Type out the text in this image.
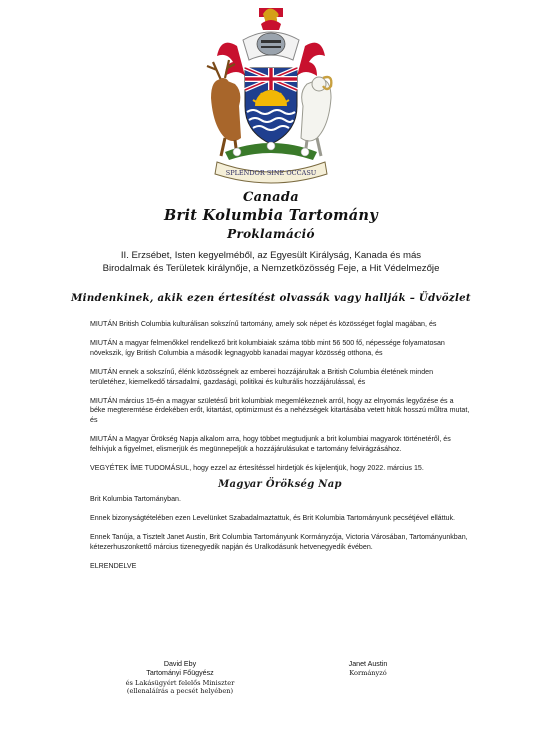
SPLENDOR SINE OCCASU
Canada
Brit Kolumbia Tartomány
Proklamáció
II. Erzsébet, Isten kegyelméből, az Egyesült Királyság, Kanada és más
Birodalmak és Területek királynője, a Nemzetközösség Feje, a Hit Védelmezője
Mindenkinek, akik ezen értesítést olvassák vagy hallják – Üdvözlet

MIUTÁN British Columbia kulturálisan sokszínű tartomány, amely sok népet és közösséget foglal magában, és

MIUTÁN a magyar felmenőkkel rendelkező brit kolumbiaiak száma több mint 56 500 fő, népessége folyamatosan növekszik, így British Columbia a második legnagyobb kanadai magyar közösség otthona, és

MIUTÁN ennek a sokszínű, élénk közösségnek az emberei hozzájárultak a British Columbia életének minden területéhez, kiemelkedő társadalmi, gazdasági, politikai és kulturális hozzájárulással, és

MIUTÁN március 15-én a magyar születésű brit kolumbiak megemlékeznek arról, hogy az elnyomás legyőzése és a béke megteremtése érdekében erőt, kitartást, optimizmust és a nehézségek kitartásába vetett hitük hosszú műltra mutat, és

MIUTÁN a Magyar Örökség Napja alkalom arra, hogy többet megtudjunk a brit kolumbiai magyarok történetéről, és felhívjuk a figyelmet, elismerjük és megünnepeljük a hozzájárulásukat e tartomány felvirágzásához.

VEGYÉTEK ÍME TUDOMÁSUL, hogy ezzel az értesítéssel hirdetjük és kijelentjük, hogy 2022. március 15.

Magyar Örökség Nap

Brit Kolumbia Tartományban.

Ennek bizonyságtételében ezen Levelünket Szabadalmaztattuk, és Brit Kolumbia Tartományunk pecsétjével elláttuk.

Ennek Tanúja, a Tisztelt Janet Austin, Brit Columbia Tartományunk Kormányzója, Victoria Városában, Tartományunkban, kétezerhuszonkettő március tizenegyedik napján és Uralkodásunk hetvenegyedik évében.

ELRENDELVE

David Eby
Tartományi Főügyész
és Lakásügyért felelős Miniszter
(ellenaláírás a pecsét helyében)
Janet Austin
Kormányzó
